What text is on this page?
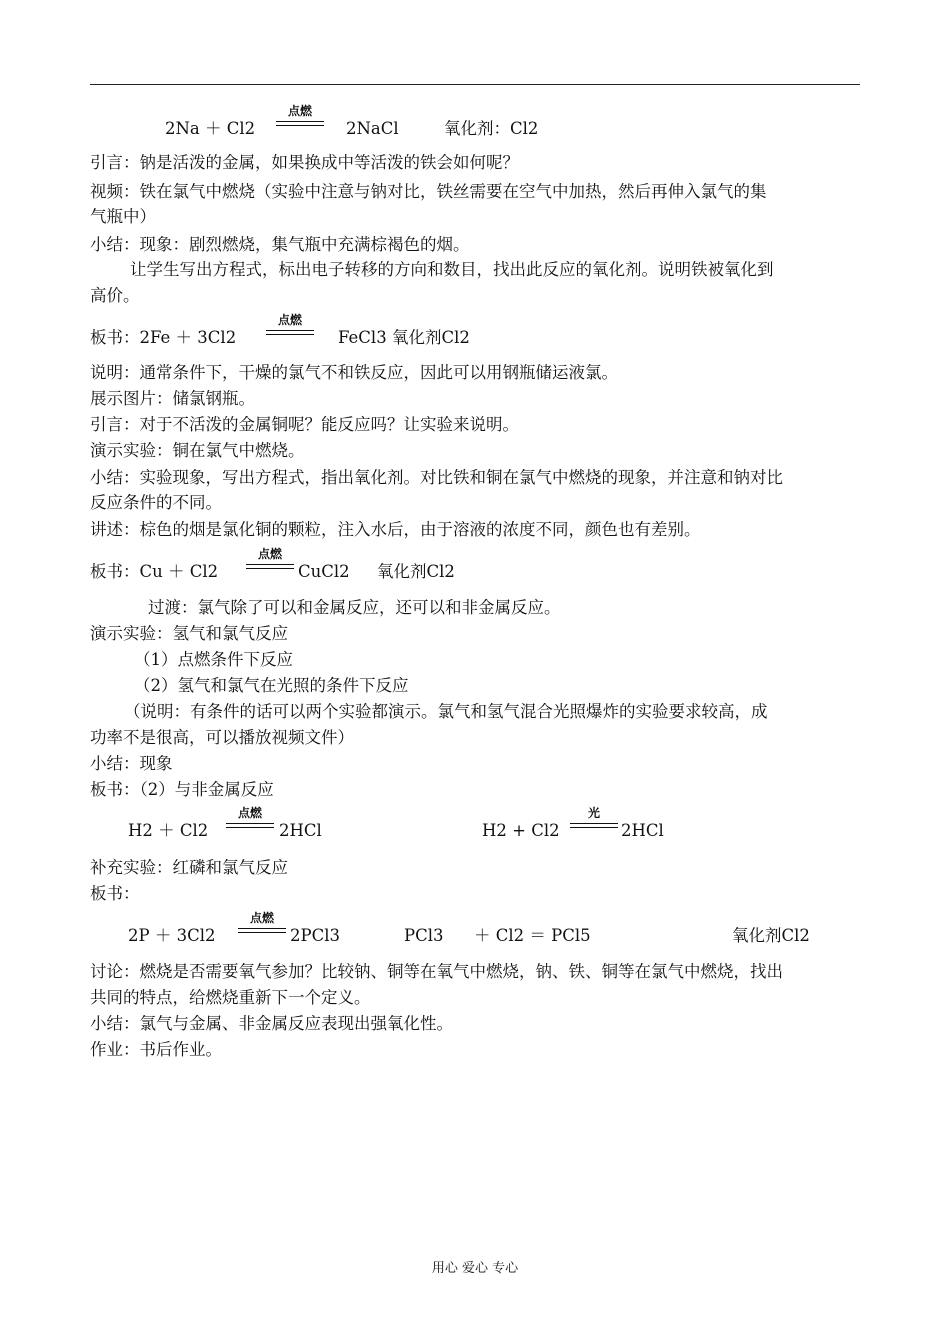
2Na ＋ Cl2
点燃
2NaCl	氧化剂：Cl2
引言：钠是活泼的金属，如果换成中等活泼的铁会如何呢？
视频：铁在氯气中燃烧（实验中注意与钠对比，铁丝需要在空气中加热，然后再伸入氯气的集
气瓶中）
小结：现象：剧烈燃烧，集气瓶中充满棕褐色的烟。
让学生写出方程式，标出电子转移的方向和数目，找出此反应的氧化剂。说明铁被氧化到
高价。
板书：2Fe ＋ 3Cl2
点燃
FeCl3 氧化剂Cl2
说明：通常条件下，干燥的氯气不和铁反应，因此可以用钢瓶储运液氯。
展示图片：储氯钢瓶。
引言：对于不活泼的金属铜呢？能反应吗？让实验来说明。
演示实验：铜在氯气中燃烧。
小结：实验现象，写出方程式，指出氧化剂。对比铁和铜在氯气中燃烧的现象，并注意和钠对比
反应条件的不同。
讲述：棕色的烟是氯化铜的颗粒，注入水后，由于溶液的浓度不同，颜色也有差别。
板书：Cu ＋ Cl2
点燃
CuCl2 氧化剂Cl2
过渡：氯气除了可以和金属反应，还可以和非金属反应。
演示实验：氢气和氯气反应
（1）点燃条件下反应
（2）氢气和氯气在光照的条件下反应
（说明：有条件的话可以两个实验都演示。氯气和氢气混合光照爆炸的实验要求较高，成
功率不是很高，可以播放视频文件）
小结：现象
板书：（2）与非金属反应
H2 ＋ Cl2
点燃
2HCl	H2 + Cl2
光
2HCl
补充实验：红磷和氯气反应
板书：
2P ＋ 3Cl2
点燃
2PCl3	PCl3 ＋ Cl2 ＝ PCl5	氧化剂Cl2
讨论：燃烧是否需要氧气参加？比较钠、铜等在氧气中燃烧，钠、铁、铜等在氯气中燃烧，找出
共同的特点，给燃烧重新下一个定义。
小结：氯气与金属、非金属反应表现出强氧化性。
作业：书后作业。
用心 爱心 专心
